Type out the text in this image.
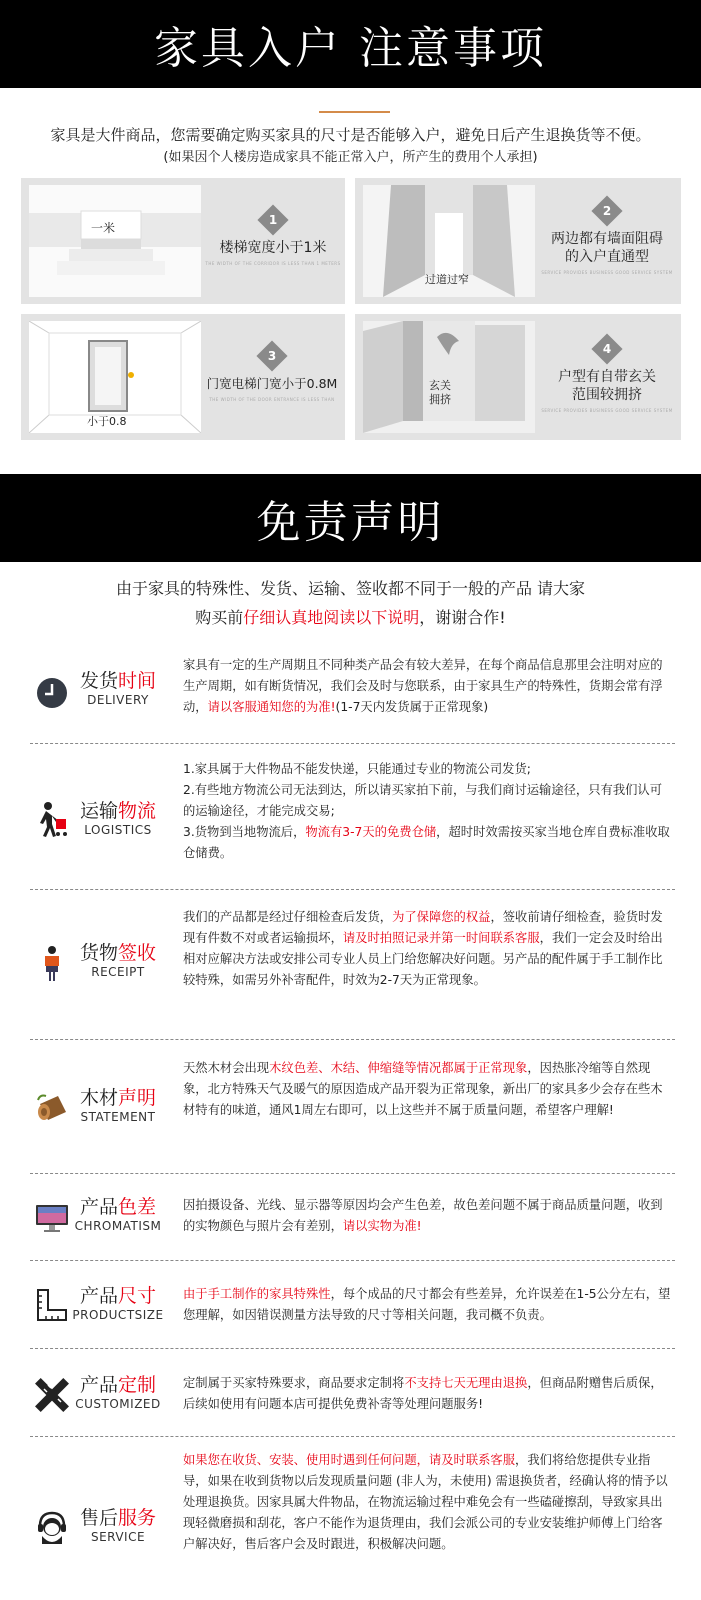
家具入户 注意事项
家具是大件商品，您需要确定购买家具的尺寸是否能够入户，避免日后产生退换货等不便。
(如果因个人楼房造成家具不能正常入户，所产生的费用个人承担)
一米
1
楼梯宽度小于1米
THE WIDTH OF THE CORRIDOR IS LESS THAN 1 METERS
过道过窄
2
两边都有墙面阻碍的入户直通型
SERVICE PROVIDES BUSINESS GOOD SERVICE SYSTEM
小于0.8
3
门宽电梯门宽小于0.8M
THE WIDTH OF THE DOOR ENTRANCE IS LESS THAN
玄关拥挤
4
户型有自带玄关范围较拥挤
SERVICE PROVIDES BUSINESS GOOD SERVICE SYSTEM
免责声明
由于家具的特殊性、发货、运输、签收都不同于一般的产品 请大家
购买前仔细认真地阅读以下说明，谢谢合作!
发货时间
DELIVERY
家具有一定的生产周期且不同种类产品会有较大差异，在每个商品信息那里会注明对应的生产周期，如有断货情况，我们会及时与您联系，由于家具生产的特殊性，货期会常有浮动，请以客服通知您的为准!(1-7天内发货属于正常现象)
运输物流
LOGISTICS
1.家具属于大件物品不能发快递，只能通过专业的物流公司发货;
2.有些地方物流公司无法到达，所以请买家拍下前，与我们商讨运输途径，只有我们认可的运输途径，才能完成交易;
3.货物到当地物流后，物流有3-7天的免费仓储，超时时效需按买家当地仓库自费标准收取仓储费。
货物签收
RECEIPT
我们的产品都是经过仔细检查后发货，为了保障您的权益，签收前请仔细检查，验货时发现有件数不对或者运输损坏，请及时拍照记录并第一时间联系客服，我们一定会及时给出相对应解决方法或安排公司专业人员上门给您解决好问题。另产品的配件属于手工制作比较特殊，如需另外补寄配件，时效为2-7天为正常现象。
木材声明
STATEMENT
天然木材会出现木纹色差、木结、伸缩缝等情况都属于正常现象，因热胀冷缩等自然现象，北方特殊天气及暖气的原因造成产品开裂为正常现象，新出厂的家具多少会存在些木材特有的味道，通风1周左右即可，以上这些并不属于质量问题，希望客户理解!
产品色差
CHROMATISM
因拍摄设备、光线、显示器等原因均会产生色差，故色差问题不属于商品质量问题，收到的实物颜色与照片会有差别，请以实物为准!
产品尺寸
PRODUCTSIZE
由于手工制作的家具特殊性，每个成品的尺寸都会有些差异，允许误差在1-5公分左右，望您理解，如因错误测量方法导致的尺寸等相关问题，我司概不负责。
产品定制
CUSTOMIZED
定制属于买家特殊要求，商品要求定制将不支持七天无理由退换，但商品附赠售后质保，后续如使用有问题本店可提供免费补寄等处理问题服务!
售后服务
SERVICE
如果您在收货、安装、使用时遇到任何问题，请及时联系客服，我们将给您提供专业指导，如果在收到货物以后发现质量问题 (非人为，未使用) 需退换货者，经确认将的情予以处理退换货。因家具属大件物品，在物流运输过程中难免会有一些磕碰擦刮，导致家具出现轻微磨损和刮花，客户不能作为退货理由，我们会派公司的专业安装维护师傅上门给客户解决好，售后客户会及时跟进，积极解决问题。
